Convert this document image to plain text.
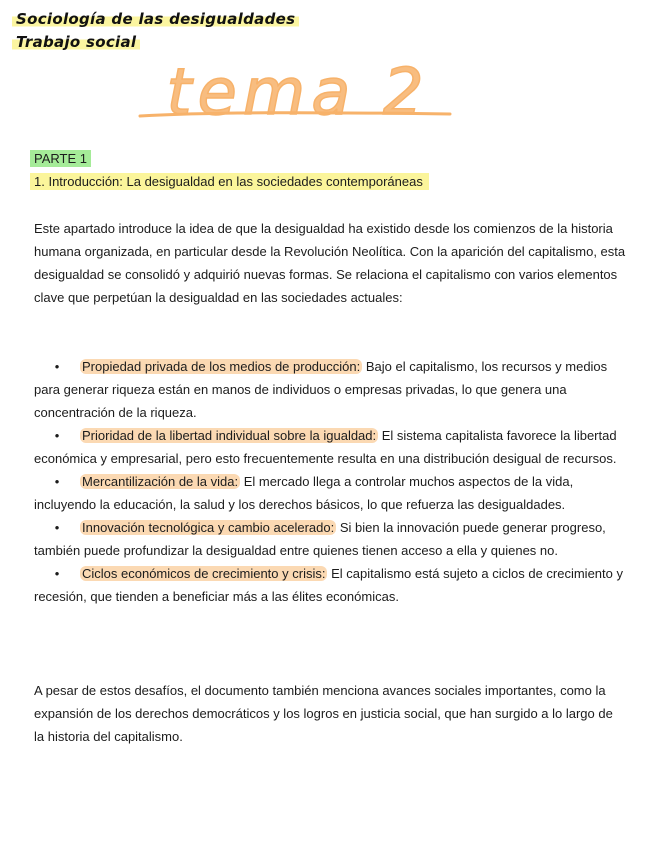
Sociología de las desigualdades
Trabajo social
tema 2
PARTE 1
1. Introducción: La desigualdad en las sociedades contemporáneas

Este apartado introduce la idea de que la desigualdad ha existido desde los comienzos de la historia humana organizada, en particular desde la Revolución Neolítica. Con la aparición del capitalismo, esta desigualdad se consolidó y adquirió nuevas formas. Se relaciona el capitalismo con varios elementos clave que perpetúan la desigualdad en las sociedades actuales:

• Propiedad privada de los medios de producción: Bajo el capitalismo, los recursos y medios para generar riqueza están en manos de individuos o empresas privadas, lo que genera una concentración de la riqueza.
• Prioridad de la libertad individual sobre la igualdad: El sistema capitalista favorece la libertad económica y empresarial, pero esto frecuentemente resulta en una distribución desigual de recursos.
• Mercantilización de la vida: El mercado llega a controlar muchos aspectos de la vida, incluyendo la educación, la salud y los derechos básicos, lo que refuerza las desigualdades.
• Innovación tecnológica y cambio acelerado: Si bien la innovación puede generar progreso, también puede profundizar la desigualdad entre quienes tienen acceso a ella y quienes no.
• Ciclos económicos de crecimiento y crisis: El capitalismo está sujeto a ciclos de crecimiento y recesión, que tienden a beneficiar más a las élites económicas.

A pesar de estos desafíos, el documento también menciona avances sociales importantes, como la expansión de los derechos democráticos y los logros en justicia social, que han surgido a lo largo de la historia del capitalismo.
